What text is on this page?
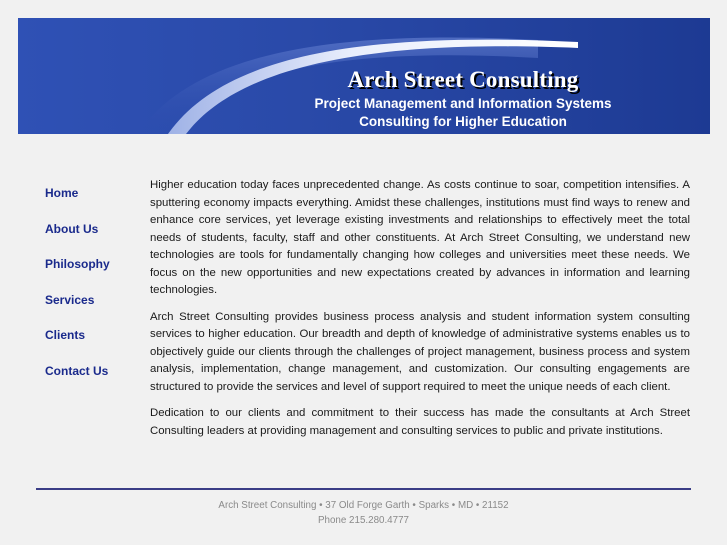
Arch Street Consulting
Project Management and Information Systems
Consulting for Higher Education
Home
About Us
Philosophy
Services
Clients
Contact Us

Higher education today faces unprecedented change. As costs continue to soar, competition intensifies. A sputtering economy impacts everything. Amidst these challenges, institutions must find ways to renew and enhance core services, yet leverage existing investments and relationships to effectively meet the total needs of students, faculty, staff and other constituents. At Arch Street Consulting, we understand new technologies are tools for fundamentally changing how colleges and universities meet these needs. We focus on the new opportunities and new expectations created by advances in information and learning technologies.

Arch Street Consulting provides business process analysis and student information system consulting services to higher education. Our breadth and depth of knowledge of administrative systems enables us to objectively guide our clients through the challenges of project management, business process and system analysis, implementation, change management, and customization. Our consulting engagements are structured to provide the services and level of support required to meet the unique needs of each client.

Dedication to our clients and commitment to their success has made the consultants at Arch Street Consulting leaders at providing management and consulting services to public and private institutions.

Arch Street Consulting • 37 Old Forge Garth • Sparks • MD • 21152
Phone 215.280.4777
